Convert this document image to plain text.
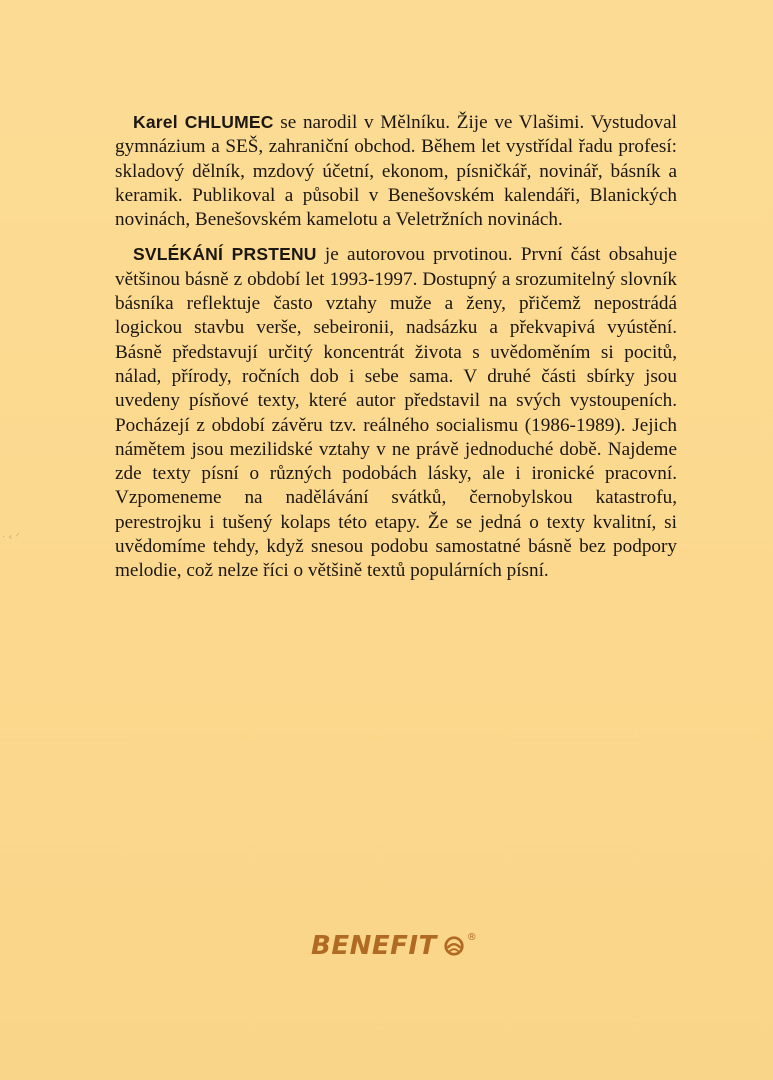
· ‹ ᐟ

Karel CHLUMEC se narodil v Mělníku. Žije ve Vlašimi. Vystudoval gymnázium a SEŠ, zahraniční obchod. Během let vystřídal řadu profesí: skladový dělník, mzdový účetní, ekonom, písničkář, novinář, básník a keramik. Publikoval a působil v Benešovském kalendáři, Blanických novinách, Benešovském kamelotu a Veletržních novinách.

SVLÉKÁNÍ PRSTENU je autorovou prvotinou. První část obsahuje většinou básně z období let 1993-1997. Dostupný a srozumitelný slovník básníka reflektuje často vztahy muže a ženy, přičemž nepostrádá logickou stavbu verše, sebeironii, nadsázku a překvapivá vyústění. Básně představují určitý koncentrát života s uvědoměním si pocitů, nálad, přírody, ročních dob i sebe sama. V druhé části sbírky jsou uvedeny písňové texty, které autor představil na svých vystoupeních. Pocházejí z období závěru tzv. reálného socialismu (1986-1989). Jejich námětem jsou mezilidské vztahy v ne právě jednoduché době. Najdeme zde texty písní o různých podobách lásky, ale i ironické pracovní. Vzpomeneme na nadělávání svátků, černobylskou katastrofu, perestrojku i tušený kolaps této etapy. Že se jedná o texty kvalitní, si uvědomíme tehdy, když snesou podobu samostatné básně bez podpory melodie, což nelze říci o většině textů populárních písní.

BENEFIT	®
